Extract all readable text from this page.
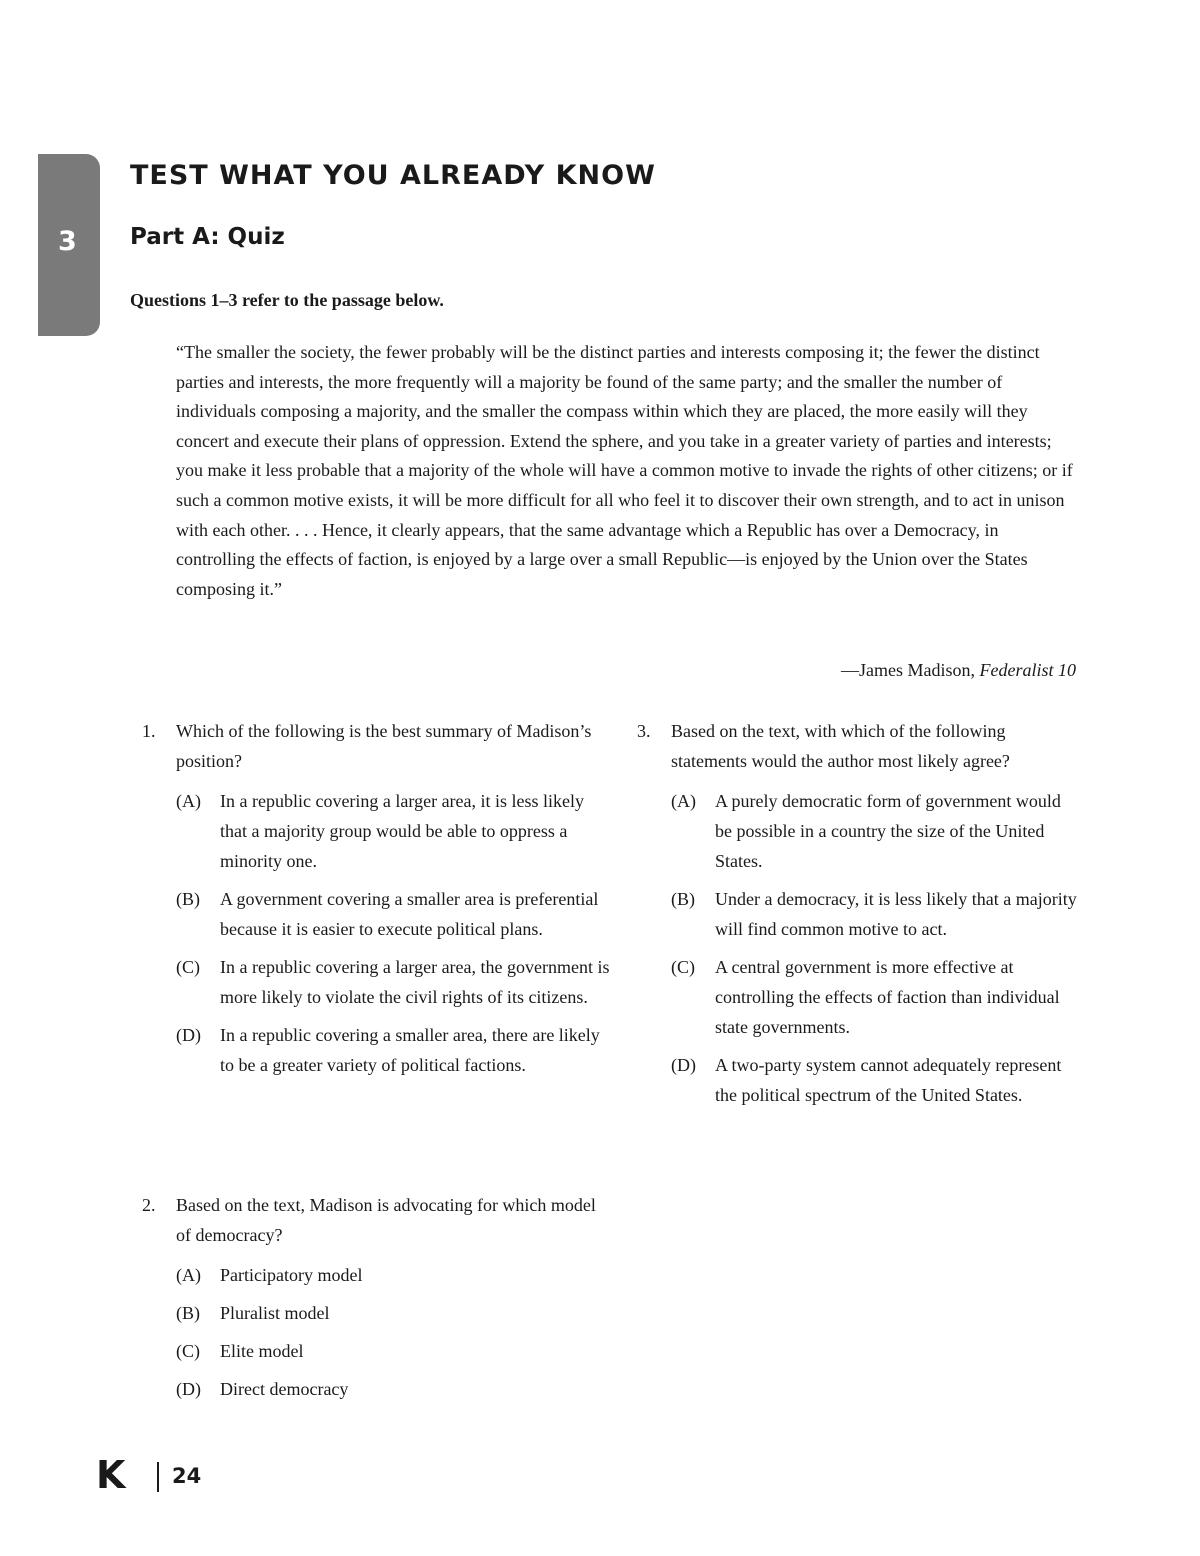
3
TEST WHAT YOU ALREADY KNOW
Part A: Quiz

Questions 1–3 refer to the passage below.

“The smaller the society, the fewer probably will be the distinct parties and interests composing it; the fewer the distinct parties and interests, the more frequently will a majority be found of the same party; and the smaller the number of individuals composing a majority, and the smaller the compass within which they are placed, the more easily will they concert and execute their plans of oppression. Extend the sphere, and you take in a greater variety of parties and interests; you make it less probable that a majority of the whole will have a common motive to invade the rights of other citizens; or if such a common motive exists, it will be more difficult for all who feel it to discover their own strength, and to act in unison with each other. . . . Hence, it clearly appears, that the same advantage which a Republic has over a Democracy, in controlling the effects of faction, is enjoyed by a large over a small Republic—is enjoyed by the Union over the States composing it.”

—James Madison, Federalist 10

1. Which of the following is the best summary of Madison’s position?
(A) In a republic covering a larger area, it is less likely that a majority group would be able to oppress a minority one.
(B) A government covering a smaller area is preferential because it is easier to execute political plans.
(C) In a republic covering a larger area, the government is more likely to violate the civil rights of its citizens.
(D) In a republic covering a smaller area, there are likely to be a greater variety of political factions.
2. Based on the text, Madison is advocating for which model of democracy?
(A) Participatory model
(B) Pluralist model
(C) Elite model
(D) Direct democracy
3. Based on the text, with which of the following statements would the author most likely agree?
(A) A purely democratic form of government would be possible in a country the size of the United States.
(B) Under a democracy, it is less likely that a majority will find common motive to act.
(C) A central government is more effective at controlling the effects of faction than individual state governments.
(D) A two-party system cannot adequately represent the political spectrum of the United States.
K 24
